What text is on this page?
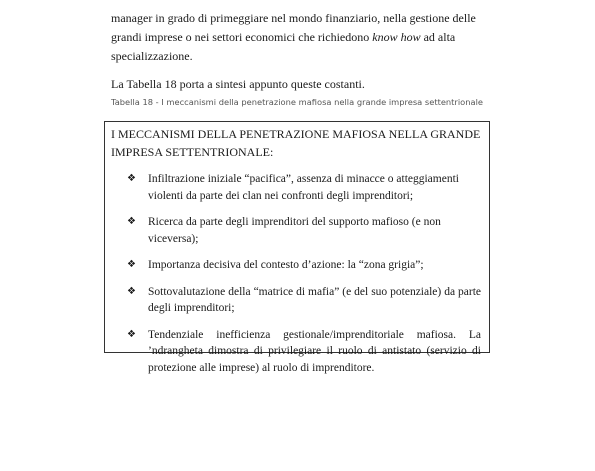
manager in grado di primeggiare nel mondo finanziario, nella gestione delle grandi imprese o nei settori economici che richiedono know how ad alta specializzazione.

La Tabella 18 porta a sintesi appunto queste costanti.

Tabella 18 - I meccanismi della penetrazione mafiosa nella grande impresa settentrionale

I MECCANISMI DELLA PENETRAZIONE MAFIOSA NELLA GRANDE IMPRESA SETTENTRIONALE:

❖ Infiltrazione iniziale “pacifica”, assenza di minacce o atteggiamenti violenti da parte dei clan nei confronti degli imprenditori;
❖ Ricerca da parte degli imprenditori del supporto mafioso (e non viceversa);
❖ Importanza decisiva del contesto d’azione: la “zona grigia”;
❖ Sottovalutazione della “matrice di mafia” (e del suo potenziale) da parte degli imprenditori;
❖ Tendenziale inefficienza gestionale/imprenditoriale mafiosa. La ’ndrangheta dimostra di privilegiare il ruolo di antistato (servizio di protezione alle imprese) al ruolo di imprenditore.
